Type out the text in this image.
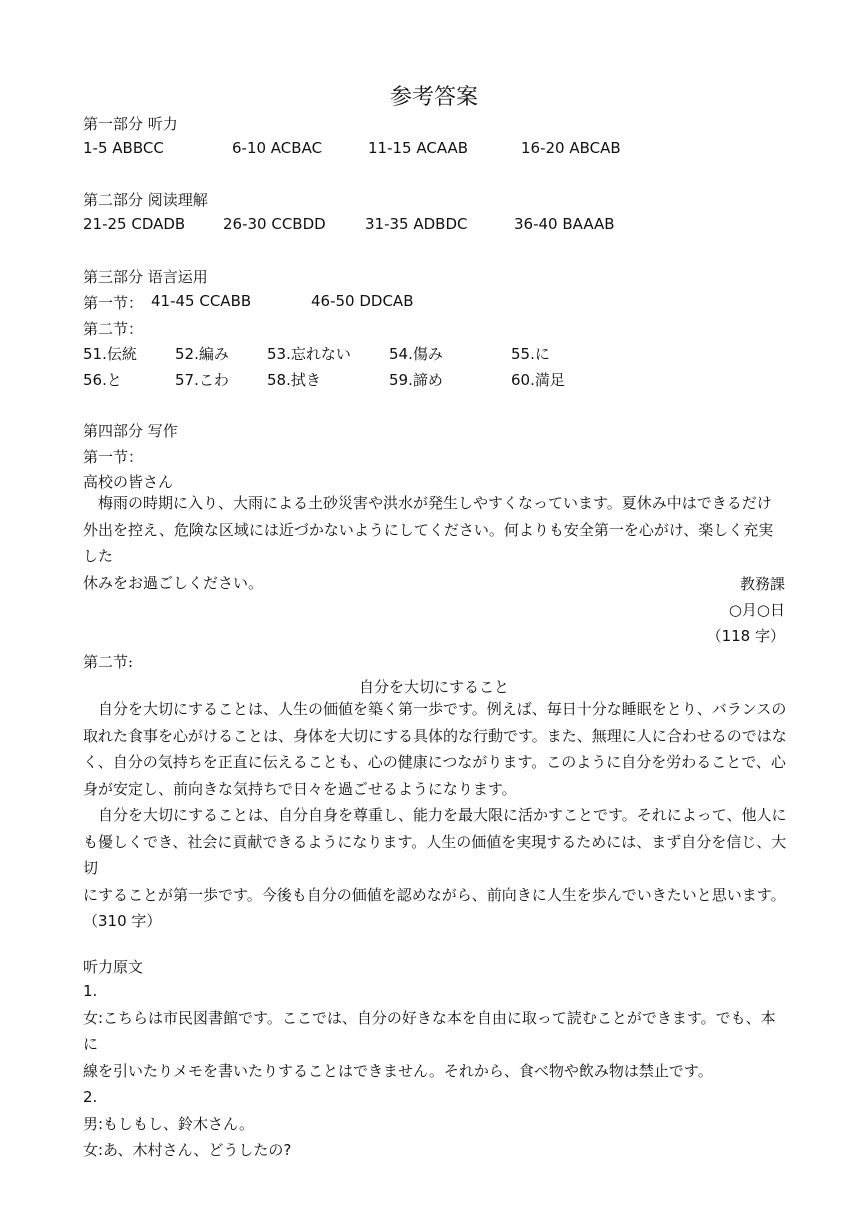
参考答案
第一部分 听力
1-5 ABBCC	6-10 ACBAC	11-15 ACAAB	16-20 ABCAB
第二部分 阅读理解
21-25 CDADB	26-30 CCBDD	31-35 ADBDC	36-40 BAAAB
第三部分 语言运用
第一节： 41-45 CCABB	46-50 DDCAB
第二节：
51.伝統	52.編み	53.忘れない	54.傷み	55.に
56.と	57.こわ	58.拭き	59.諦め	60.満足
第四部分 写作
第一节：
高校の皆さん
　梅雨の時期に入り、大雨による土砂災害や洪水が発生しやすくなっています。夏休み中はできるだけ
外出を控え、危険な区域には近づかないようにしてください。何よりも安全第一を心がけ、楽しく充実した
休みをお過ごしください。	教務課
○月○日
（118 字）
第二节:
自分を大切にすること
　自分を大切にすることは、人生の価値を築く第一歩です。例えば、毎日十分な睡眠をとり、バランスの
取れた食事を心がけることは、身体を大切にする具体的な行動です。また、無理に人に合わせるのではな
く、自分の気持ちを正直に伝えることも、心の健康につながります。このように自分を労わることで、心
身が安定し、前向きな気持ちで日々を過ごせるようになります。
　自分を大切にすることは、自分自身を尊重し、能力を最大限に活かすことです。それによって、他人に
も優しくでき、社会に貢献できるようになります。人生の価値を実現するためには、まず自分を信じ、大切
にすることが第一歩です。今後も自分の価値を認めながら、前向きに人生を歩んでいきたいと思います。
（310 字）
听力原文
1.
女:こちらは市民図書館です。ここでは、自分の好きな本を自由に取って読むことができます。でも、本に
線を引いたりメモを書いたりすることはできません。それから、食べ物や飲み物は禁止です。
2.
男:もしもし、鈴木さん。
女:あ、木村さん、どうしたの?
